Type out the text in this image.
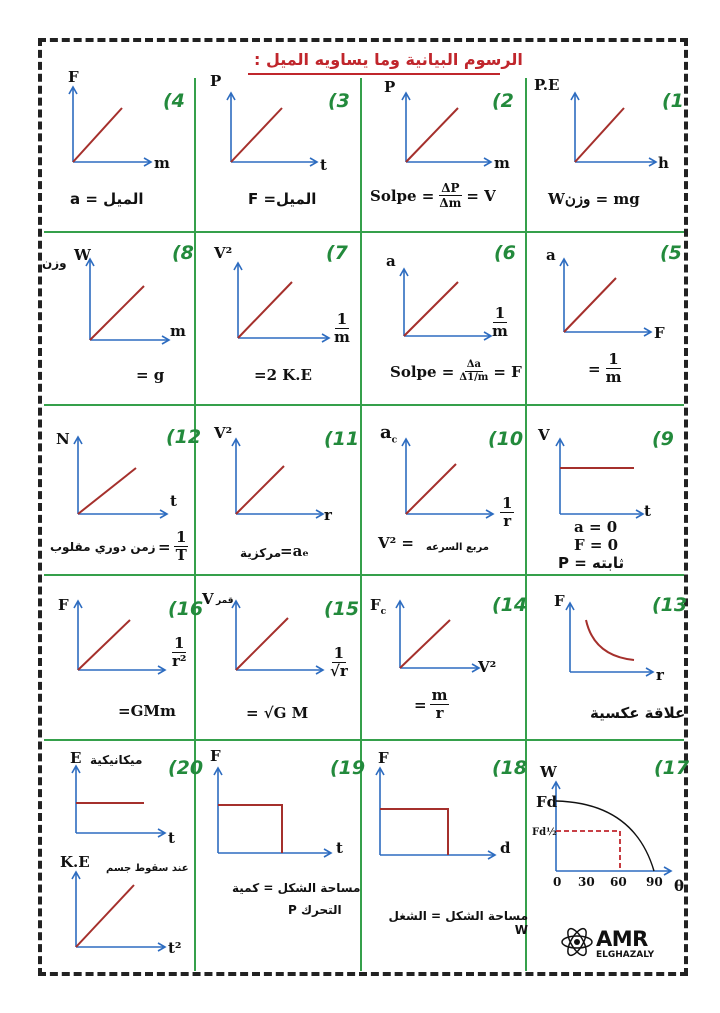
الرسوم البيانية وما يساويه الميل :
(4
F
m
الميل = a
(3
P
t
الميل= F
(2
P
m
Solpe = $\frac{\Delta P}{\Delta m} = V$
(1
P.E
h
W‏وزن = mg
(8
وزن W
m
= g
(7
V²
$\frac{1}{m}$
=2 K.E
(6
a
$\frac{1}{m}$
Solpe = $\frac{\Delta a}{\Delta 1/m} = F$
(5
a
F
= $\frac{1}{m}$
(12
N
t
زمن دوري مقلوب = $\frac{1}{T}$
(11
V²
r
مركزية
=aₑ
(10
$a_c$
$\frac{1}{r}$
V² = مربع السرعه
(9
V
t
a = 0
F = 0
ثابته = P
(16
F
$\frac{1}{\text{r²}}$
=GMm
(15
V قمر
$\frac{1}{√r}$
= √G M
(14
$F_c$
V²
= $\frac{m}{r}$
(13
F
r
علاقة عكسية
(20
E ميكانيكية
t
K.E عند سقوط جسم
t²
(19
F
t
مساحة الشكل = كمية
التحرك P
(18
F
d
مساحة الشكل = الشغل W
(17
W
Fd
Fd½
0 30 60 90 θ
AMR
ELGHAZALY
